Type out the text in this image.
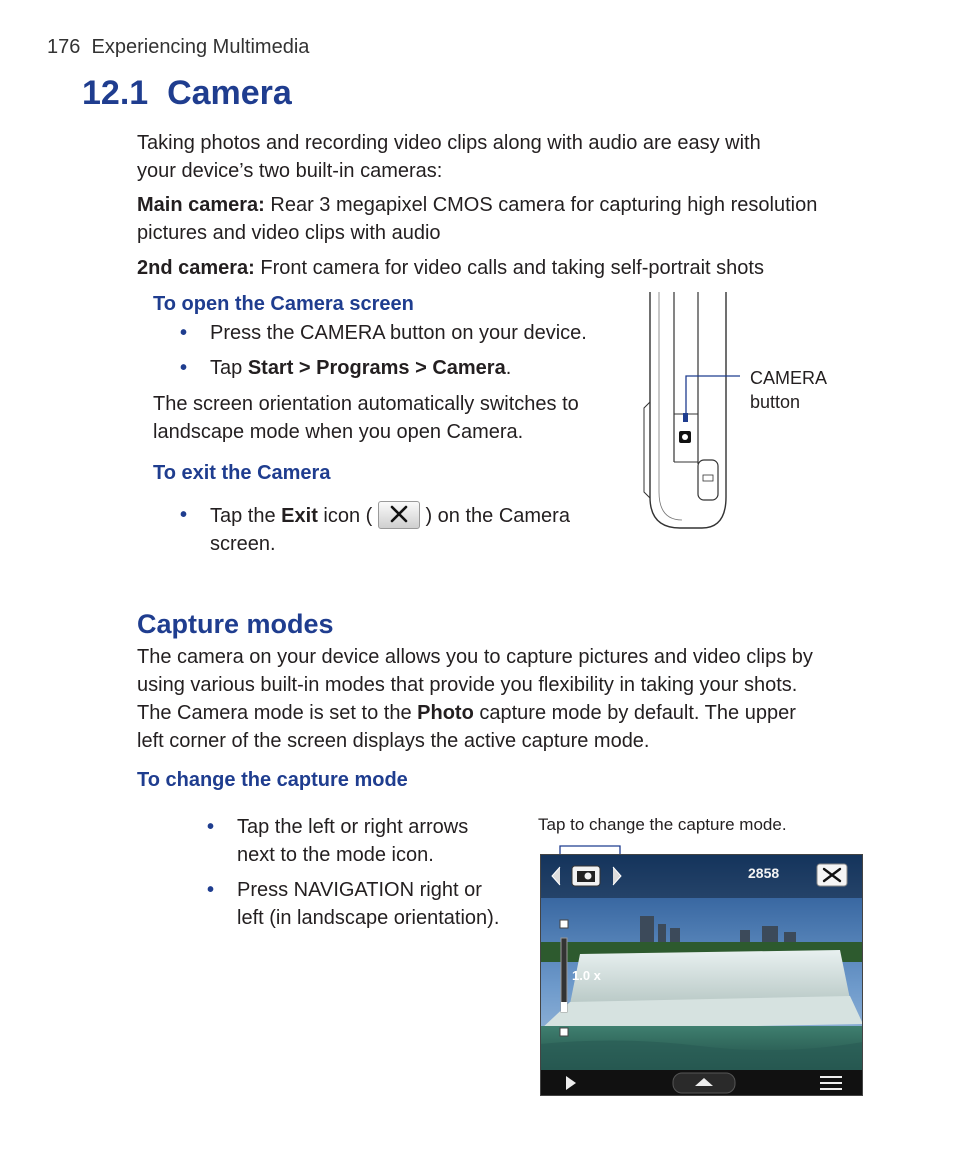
176 Experiencing Multimedia
12.1  Camera
Taking photos and recording video clips along with audio are easy with
your device’s two built-in cameras:
Main camera: Rear 3 megapixel CMOS camera for capturing high resolution
pictures and video clips with audio
2nd camera: Front camera for video calls and taking self-portrait shots
To open the Camera screen
• Press the CAMERA button on your device.
• Tap Start > Programs > Camera.
The screen orientation automatically switches to
landscape mode when you open Camera.
CAMERA
button
To exit the Camera
• Tap the Exit icon (  ) on the Camera
screen.
Capture modes
The camera on your device allows you to capture pictures and video clips by
using various built-in modes that provide you flexibility in taking your shots.
The Camera mode is set to the Photo capture mode by default. The upper
left corner of the screen displays the active capture mode.
To change the capture mode
• Tap the left or right arrows
next to the mode icon.
• Press NAVIGATION right or
left (in landscape orientation).
Tap to change the capture mode.
2858
1.0 x
